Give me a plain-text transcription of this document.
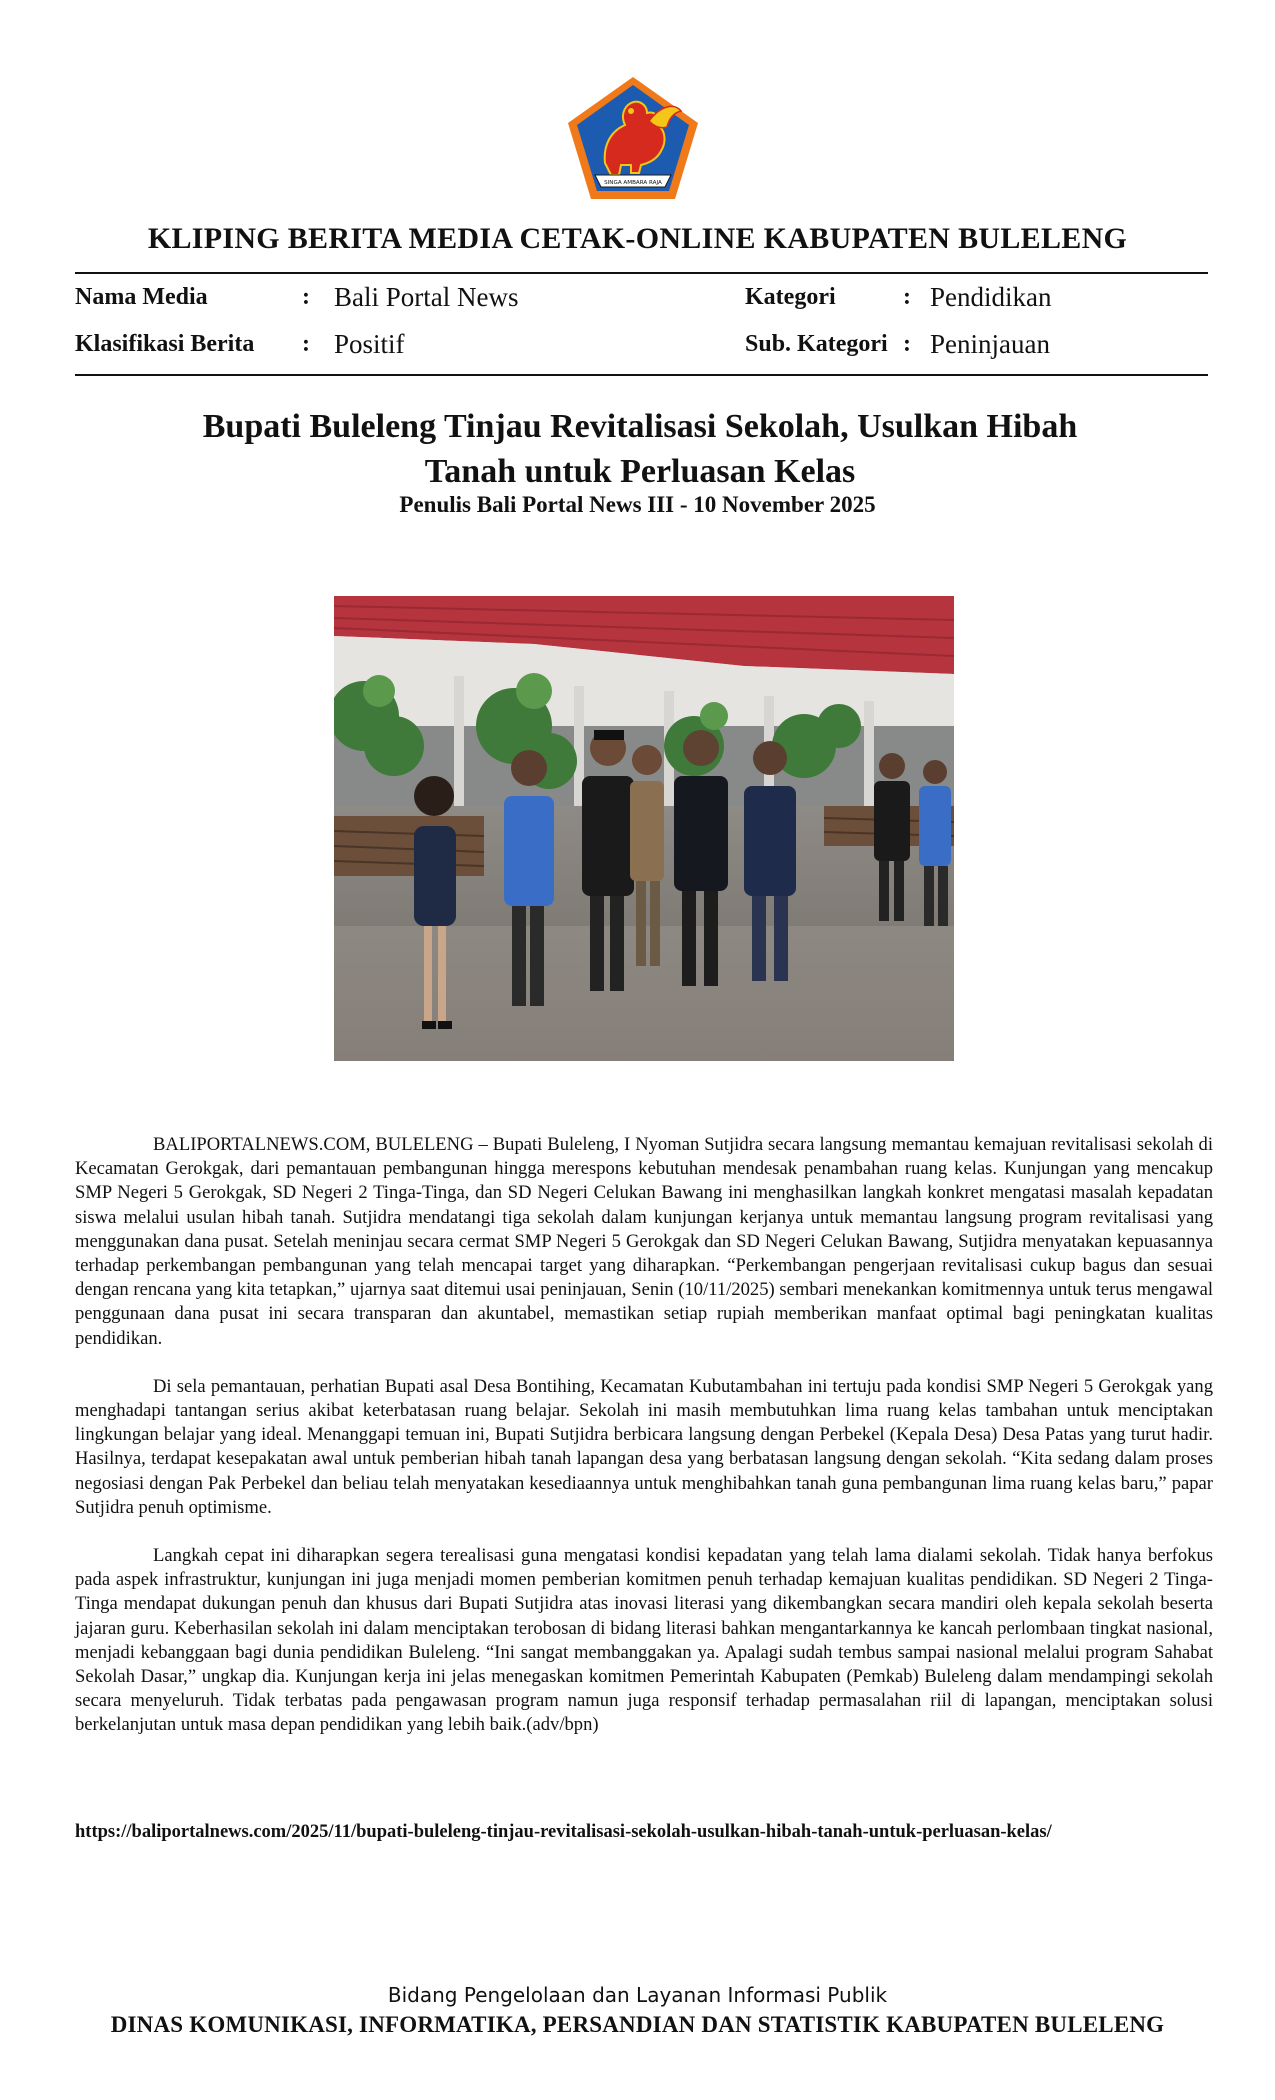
SINGA AMBARA RAJA
KLIPING BERITA MEDIA CETAK-ONLINE KABUPATEN BULELENG
Nama Media	: Bali Portal News
Klasifikasi Berita : Positif
Kategori	: Pendidikan
Sub. Kategori : Peninjauan
Bupati Buleleng Tinjau Revitalisasi Sekolah, Usulkan Hibah
Tanah untuk Perluasan Kelas
Penulis Bali Portal News III - 10 November 2025

BALIPORTALNEWS.COM, BULELENG – Bupati Buleleng, I Nyoman Sutjidra secara langsung memantau kemajuan revitalisasi sekolah di Kecamatan Gerokgak, dari pemantauan pembangunan hingga merespons kebutuhan mendesak penambahan ruang kelas. Kunjungan yang mencakup SMP Negeri 5 Gerokgak, SD Negeri 2 Tinga-Tinga, dan SD Negeri Celukan Bawang ini menghasilkan langkah konkret mengatasi masalah kepadatan siswa melalui usulan hibah tanah. Sutjidra mendatangi tiga sekolah dalam kunjungan kerjanya untuk memantau langsung program revitalisasi yang menggunakan dana pusat. Setelah meninjau secara cermat SMP Negeri 5 Gerokgak dan SD Negeri Celukan Bawang, Sutjidra menyatakan kepuasannya terhadap perkembangan pembangunan yang telah mencapai target yang diharapkan. “Perkembangan pengerjaan revitalisasi cukup bagus dan sesuai dengan rencana yang kita tetapkan,” ujarnya saat ditemui usai peninjauan, Senin (10/11/2025) sembari menekankan komitmennya untuk terus mengawal penggunaan dana pusat ini secara transparan dan akuntabel, memastikan setiap rupiah memberikan manfaat optimal bagi peningkatan kualitas pendidikan.

Di sela pemantauan, perhatian Bupati asal Desa Bontihing, Kecamatan Kubutambahan ini tertuju pada kondisi SMP Negeri 5 Gerokgak yang menghadapi tantangan serius akibat keterbatasan ruang belajar. Sekolah ini masih membutuhkan lima ruang kelas tambahan untuk menciptakan lingkungan belajar yang ideal. Menanggapi temuan ini, Bupati Sutjidra berbicara langsung dengan Perbekel (Kepala Desa) Desa Patas yang turut hadir. Hasilnya, terdapat kesepakatan awal untuk pemberian hibah tanah lapangan desa yang berbatasan langsung dengan sekolah. “Kita sedang dalam proses negosiasi dengan Pak Perbekel dan beliau telah menyatakan kesediaannya untuk menghibahkan tanah guna pembangunan lima ruang kelas baru,” papar Sutjidra penuh optimisme.

Langkah cepat ini diharapkan segera terealisasi guna mengatasi kondisi kepadatan yang telah lama dialami sekolah. Tidak hanya berfokus pada aspek infrastruktur, kunjungan ini juga menjadi momen pemberian komitmen penuh terhadap kemajuan kualitas pendidikan. SD Negeri 2 Tinga-Tinga mendapat dukungan penuh dan khusus dari Bupati Sutjidra atas inovasi literasi yang dikembangkan secara mandiri oleh kepala sekolah beserta jajaran guru. Keberhasilan sekolah ini dalam menciptakan terobosan di bidang literasi bahkan mengantarkannya ke kancah perlombaan tingkat nasional, menjadi kebanggaan bagi dunia pendidikan Buleleng. “Ini sangat membanggakan ya. Apalagi sudah tembus sampai nasional melalui program Sahabat Sekolah Dasar,” ungkap dia. Kunjungan kerja ini jelas menegaskan komitmen Pemerintah Kabupaten (Pemkab) Buleleng dalam mendampingi sekolah secara menyeluruh. Tidak terbatas pada pengawasan program namun juga responsif terhadap permasalahan riil di lapangan, menciptakan solusi berkelanjutan untuk masa depan pendidikan yang lebih baik.(adv/bpn)

https://baliportalnews.com/2025/11/bupati-buleleng-tinjau-revitalisasi-sekolah-usulkan-hibah-tanah-untuk-perluasan-kelas/
Bidang Pengelolaan dan Layanan Informasi Publik
DINAS KOMUNIKASI, INFORMATIKA, PERSANDIAN DAN STATISTIK KABUPATEN BULELENG
